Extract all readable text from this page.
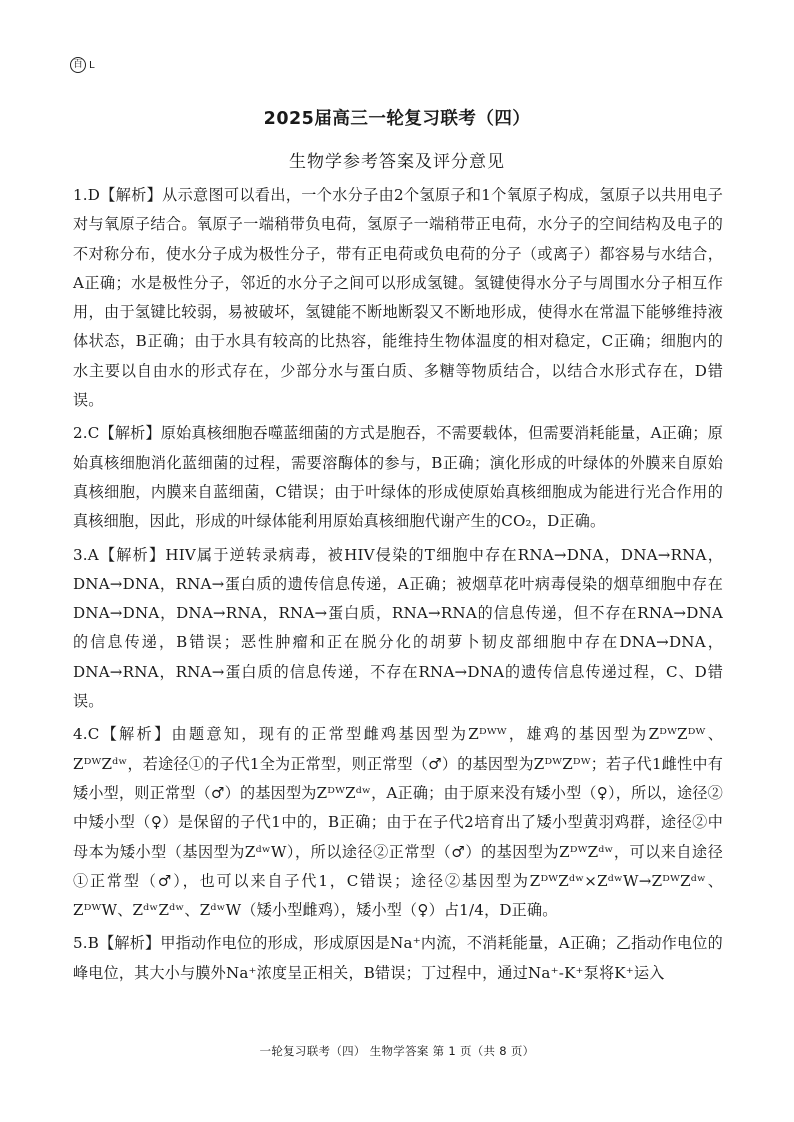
百 L
2025届高三一轮复习联考（四）
生物学参考答案及评分意见

1.D【解析】从示意图可以看出，一个水分子由2个氢原子和1个氧原子构成，氢原子以共用电子对与氧原子结合。氧原子一端稍带负电荷，氢原子一端稍带正电荷，水分子的空间结构及电子的不对称分布，使水分子成为极性分子，带有正电荷或负电荷的分子（或离子）都容易与水结合，A正确；水是极性分子，邻近的水分子之间可以形成氢键。氢键使得水分子与周围水分子相互作用，由于氢键比较弱，易被破坏，氢键能不断地断裂又不断地形成，使得水在常温下能够维持液体状态，B正确；由于水具有较高的比热容，能维持生物体温度的相对稳定，C正确；细胞内的水主要以自由水的形式存在，少部分水与蛋白质、多糖等物质结合，以结合水形式存在，D错误。

2.C【解析】原始真核细胞吞噬蓝细菌的方式是胞吞，不需要载体，但需要消耗能量，A正确；原始真核细胞消化蓝细菌的过程，需要溶酶体的参与，B正确；演化形成的叶绿体的外膜来自原始真核细胞，内膜来自蓝细菌，C错误；由于叶绿体的形成使原始真核细胞成为能进行光合作用的真核细胞，因此，形成的叶绿体能利用原始真核细胞代谢产生的CO₂，D正确。

3.A【解析】HIV属于逆转录病毒，被HIV侵染的T细胞中存在RNA→DNA，DNA→RNA，DNA→DNA，RNA→蛋白质的遗传信息传递，A正确；被烟草花叶病毒侵染的烟草细胞中存在DNA→DNA，DNA→RNA，RNA→蛋白质，RNA→RNA的信息传递，但不存在RNA→DNA的信息传递，B错误；恶性肿瘤和正在脱分化的胡萝卜韧皮部细胞中存在DNA→DNA，DNA→RNA，RNA→蛋白质的信息传递，不存在RNA→DNA的遗传信息传递过程，C、D错误。

4.C【解析】由题意知，现有的正常型雌鸡基因型为Zᴰᵂᵂ，雄鸡的基因型为ZᴰᵂZᴰᵂ、ZᴰᵂZᵈʷ，若途径①的子代1全为正常型，则正常型（♂）的基因型为ZᴰᵂZᴰᵂ；若子代1雌性中有矮小型，则正常型（♂）的基因型为ZᴰᵂZᵈʷ，A正确；由于原来没有矮小型（♀），所以，途径②中矮小型（♀）是保留的子代1中的，B正确；由于在子代2培育出了矮小型黄羽鸡群，途径②中母本为矮小型（基因型为ZᵈʷW），所以途径②正常型（♂）的基因型为ZᴰᵂZᵈʷ，可以来自途径①正常型（♂），也可以来自子代1，C错误；途径②基因型为ZᴰᵂZᵈʷ×ZᵈʷW→ZᴰᵂZᵈʷ、ZᴰᵂW、ZᵈʷZᵈʷ、ZᵈʷW（矮小型雌鸡），矮小型（♀）占1/4，D正确。

5.B【解析】甲指动作电位的形成，形成原因是Na⁺内流，不消耗能量，A正确；乙指动作电位的峰电位，其大小与膜外Na⁺浓度呈正相关，B错误；丁过程中，通过Na⁺-K⁺泵将K⁺运入

一轮复习联考（四） 生物学答案 第 1 页（共 8 页）
